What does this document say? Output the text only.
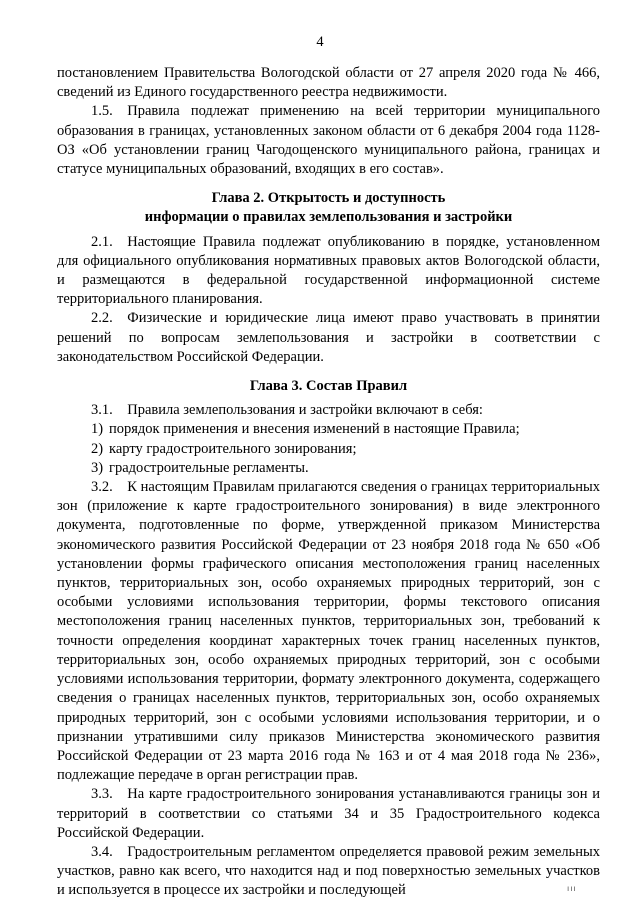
4

постановлением Правительства Вологодской области от 27 апреля 2020 года № 466, сведений из Единого государственного реестра недвижимости.

1.5. Правила подлежат применению на всей территории муниципального образования в границах, установленных законом области от 6 декабря 2004 года 1128-ОЗ «Об установлении границ Чагодощенского муниципального района, границах и статусе муниципальных образований, входящих в его состав».

Глава 2. Открытость и доступность
информации о правилах землепользования и застройки

2.1. Настоящие Правила подлежат опубликованию в порядке, установленном для официального опубликования нормативных правовых актов Вологодской области, и размещаются в федеральной государственной информационной системе территориального планирования.

2.2. Физические и юридические лица имеют право участвовать в принятии решений по вопросам землепользования и застройки в соответствии с законодательством Российской Федерации.

Глава 3. Состав Правил

3.1. Правила землепользования и застройки включают в себя:

1) порядок применения и внесения изменений в настоящие Правила;
2) карту градостроительного зонирования;
3) градостроительные регламенты.

3.2. К настоящим Правилам прилагаются сведения о границах территориальных зон (приложение к карте градостроительного зонирования) в виде электронного документа, подготовленные по форме, утвержденной приказом Министерства экономического развития Российской Федерации от 23 ноября 2018 года № 650 «Об установлении формы графического описания местоположения границ населенных пунктов, территориальных зон, особо охраняемых природных территорий, зон с особыми условиями использования территории, формы текстового описания местоположения границ населенных пунктов, территориальных зон, требований к точности определения координат характерных точек границ населенных пунктов, территориальных зон, особо охраняемых природных территорий, зон с особыми условиями использования территории, формату электронного документа, содержащего сведения о границах населенных пунктов, территориальных зон, особо охраняемых природных территорий, зон с особыми условиями использования территории, и о признании утратившими силу приказов Министерства экономического развития Российской Федерации от 23 марта 2016 года № 163 и от 4 мая 2018 года № 236», подлежащие передаче в орган регистрации прав.

3.3. На карте градостроительного зонирования устанавливаются границы зон и территорий в соответствии со статьями 34 и 35 Градостроительного кодекса Российской Федерации.

3.4. Градостроительным регламентом определяется правовой режим земельных участков, равно как всего, что находится над и под поверхностью земельных участков и используется в процессе их застройки и последующей	ııı
